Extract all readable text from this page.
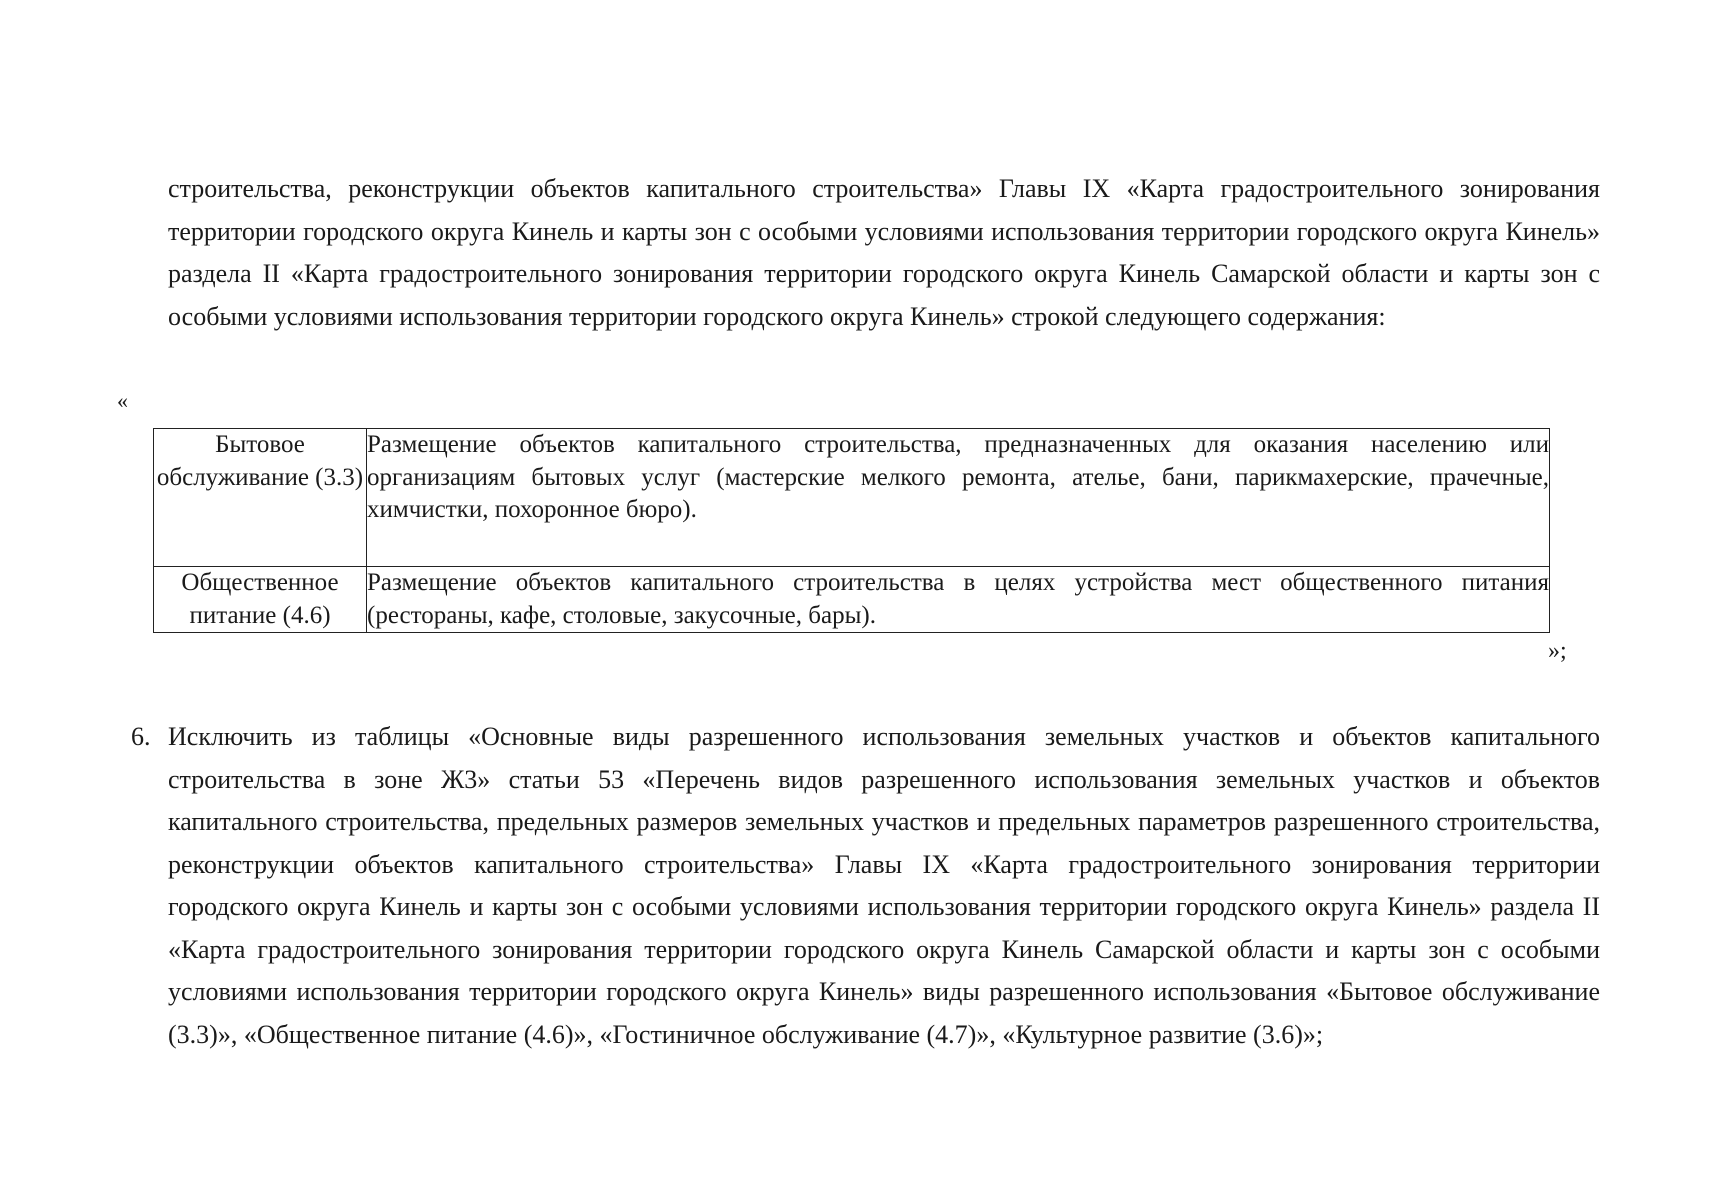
строительства, реконструкции объектов капитального строительства» Главы IX «Карта градостроительного зонирования территории городского округа Кинель и карты зон с особыми условиями использования территории городского округа Кинель» раздела II «Карта градостроительного зонирования территории городского округа Кинель Самарской области и карты зон с особыми условиями использования территории городского округа Кинель» строкой следующего содержания:

«
Бытовое обслуживание (3.3)	Размещение объектов капитального строительства, предназначенных для оказания населению или организациям бытовых услуг (мастерские мелкого ремонта, ателье, бани, парикмахерские, прачечные, химчистки, похоронное бюро).
Общественное питание (4.6)	Размещение объектов капитального строительства в целях устройства мест общественного питания (рестораны, кафе, столовые, закусочные, бары).
»;
6. Исключить из таблицы «Основные виды разрешенного использования земельных участков и объектов капитального строительства в зоне Ж3» статьи 53 «Перечень видов разрешенного использования земельных участков и объектов капитального строительства, предельных размеров земельных участков и предельных параметров разрешенного строительства, реконструкции объектов капитального строительства» Главы IX «Карта градостроительного зонирования территории городского округа Кинель и карты зон с особыми условиями использования территории городского округа Кинель» раздела II «Карта градостроительного зонирования территории городского округа Кинель Самарской области и карты зон с особыми условиями использования территории городского округа Кинель» виды разрешенного использования «Бытовое обслуживание (3.3)», «Общественное питание (4.6)», «Гостиничное обслуживание (4.7)», «Культурное развитие (3.6)»;
